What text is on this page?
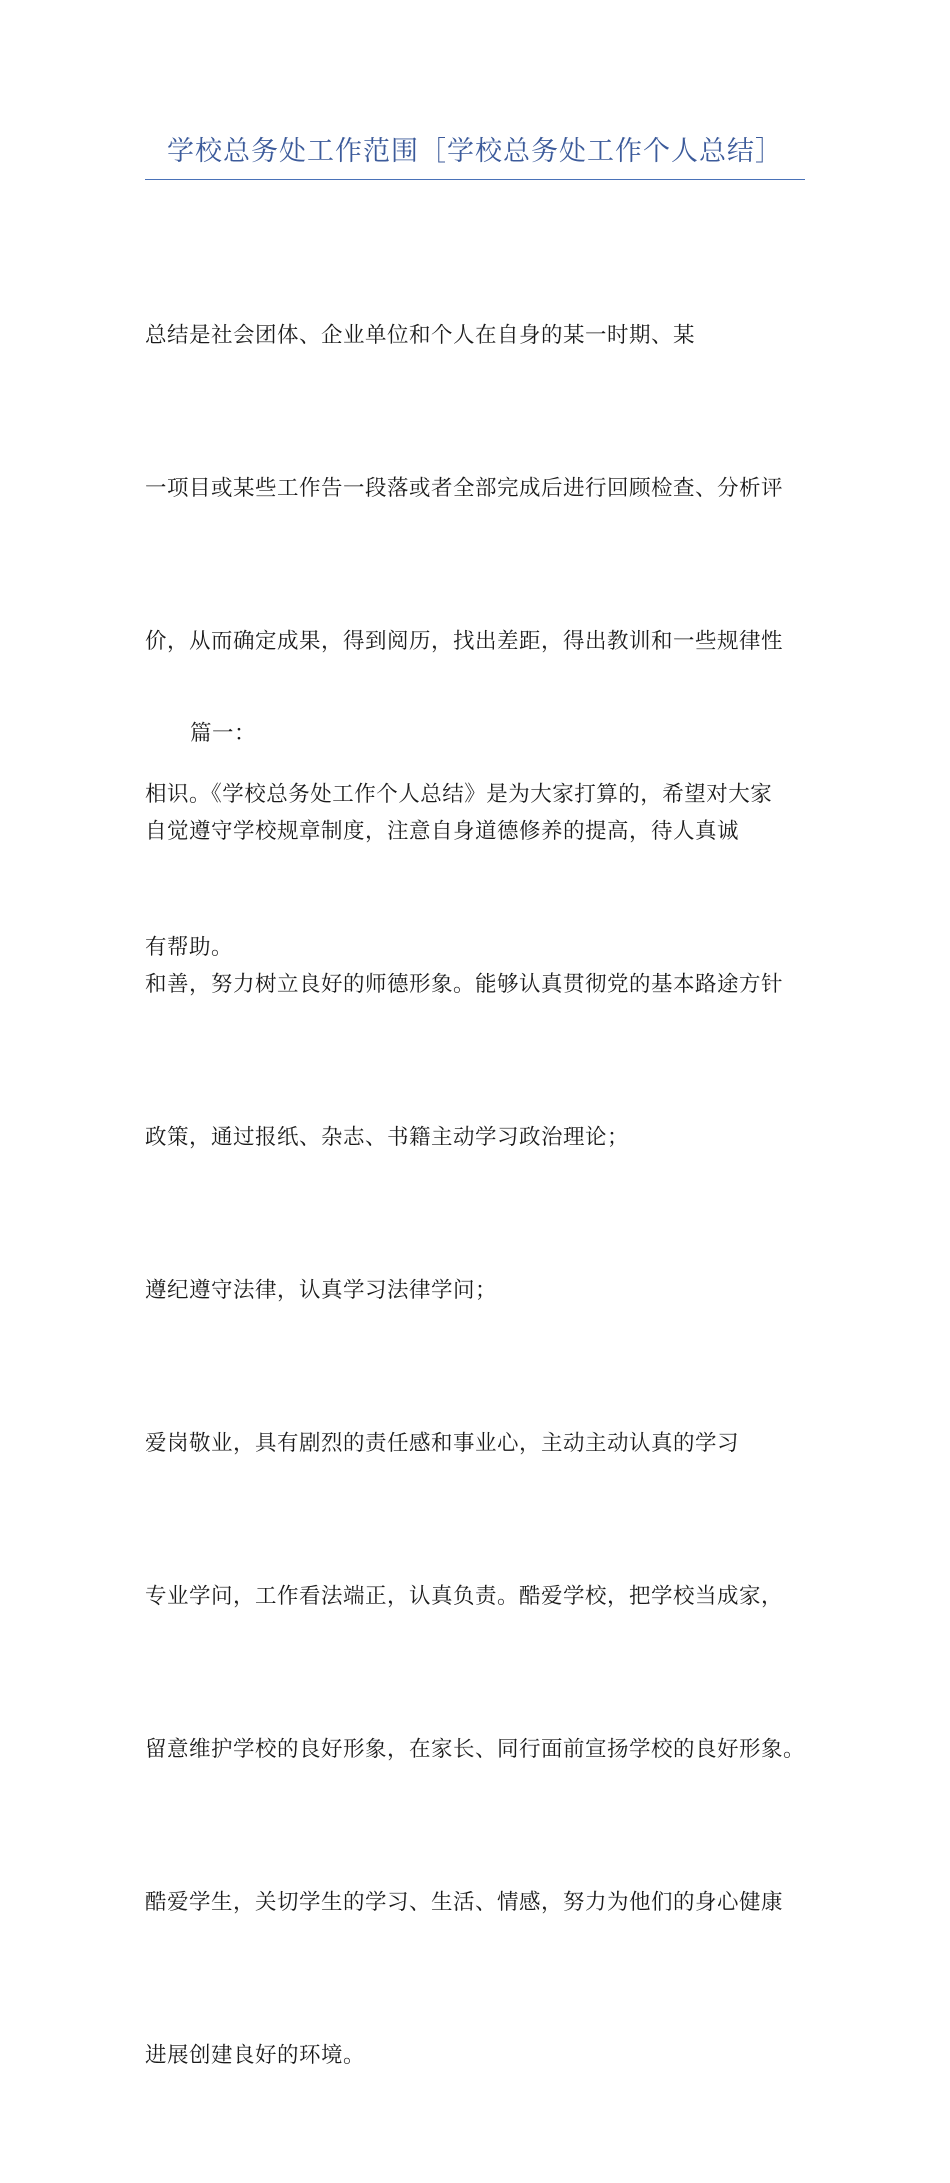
学校总务处工作范围［学校总务处工作个人总结］

总结是社会团体、企业单位和个人在自身的某一时期、某

一项目或某些工作告一段落或者全部完成后进行回顾检查、分析评

价，从而确定成果，得到阅历，找出差距，得出教训和一些规律性

相识。《学校总务处工作个人总结》是为大家打算的，希望对大家

有帮助。

篇一：

自觉遵守学校规章制度，注意自身道德修养的提高，待人真诚

和善，努力树立良好的师德形象。能够认真贯彻党的基本路途方针

政策，通过报纸、杂志、书籍主动学习政治理论；

遵纪遵守法律，认真学习法律学问；

爱岗敬业，具有剧烈的责任感和事业心，主动主动认真的学习

专业学问，工作看法端正，认真负责。酷爱学校，把学校当成家，

留意维护学校的良好形象，在家长、同行面前宣扬学校的良好形象。

酷爱学生，关切学生的学习、生活、情感，努力为他们的身心健康

进展创建良好的环境。
